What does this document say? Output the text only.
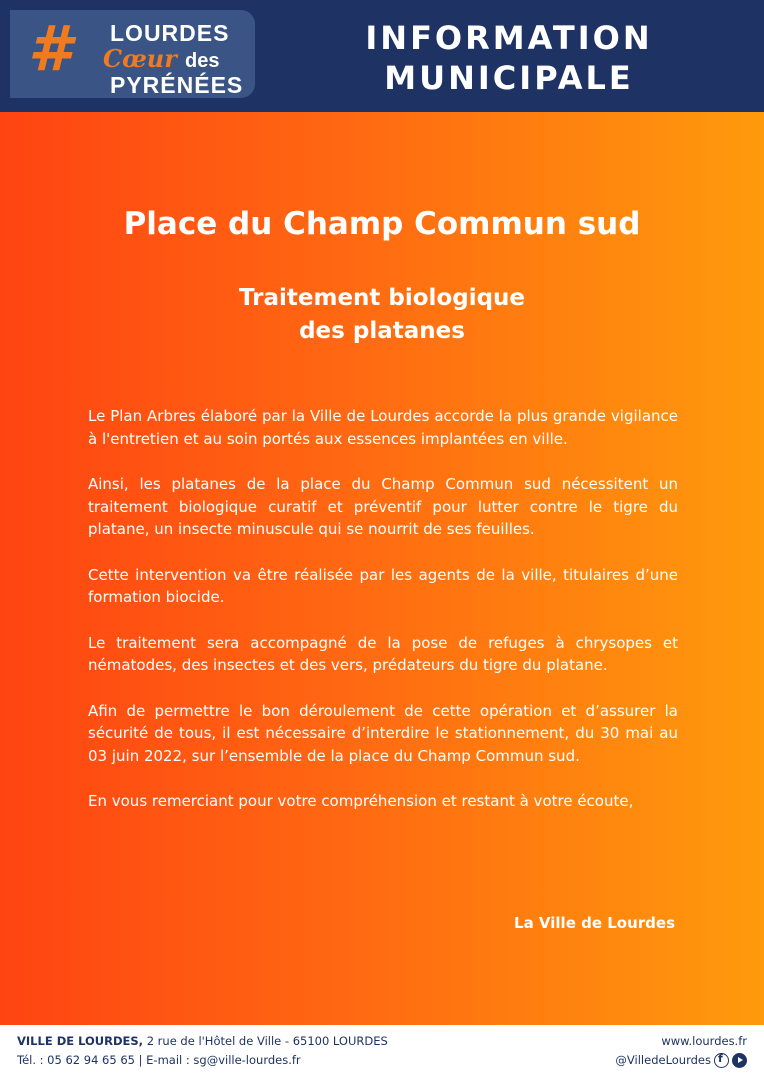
# LOURDES
Cœur des
PYRÉNÉES
INFORMATION
MUNICIPALE
Place du Champ Commun sud
Traitement biologique
des platanes

Le Plan Arbres élaboré par la Ville de Lourdes accorde la plus grande vigilance à l'entretien et au soin portés aux essences implantées en ville.

Ainsi, les platanes de la place du Champ Commun sud nécessitent un traitement biologique curatif et préventif pour lutter contre le tigre du platane, un insecte minuscule qui se nourrit de ses feuilles.

Cette intervention va être réalisée par les agents de la ville, titulaires d’une formation biocide.

Le traitement sera accompagné de la pose de refuges à chrysopes et nématodes, des insectes et des vers, prédateurs du tigre du platane.

Afin de permettre le bon déroulement de cette opération et d’assurer la sécurité de tous, il est nécessaire d’interdire le stationnement, du 30 mai au 03 juin 2022, sur l’ensemble de la place du Champ Commun sud.

En vous remerciant pour votre compréhension et restant à votre écoute,

La Ville de Lourdes
VILLE DE LOURDES, 2 rue de l'Hôtel de Ville - 65100 LOURDES
Tél. : 05 62 94 65 65 | E-mail : sg@ville-lourdes.fr
www.lourdes.fr
@VilledeLourdes
f
